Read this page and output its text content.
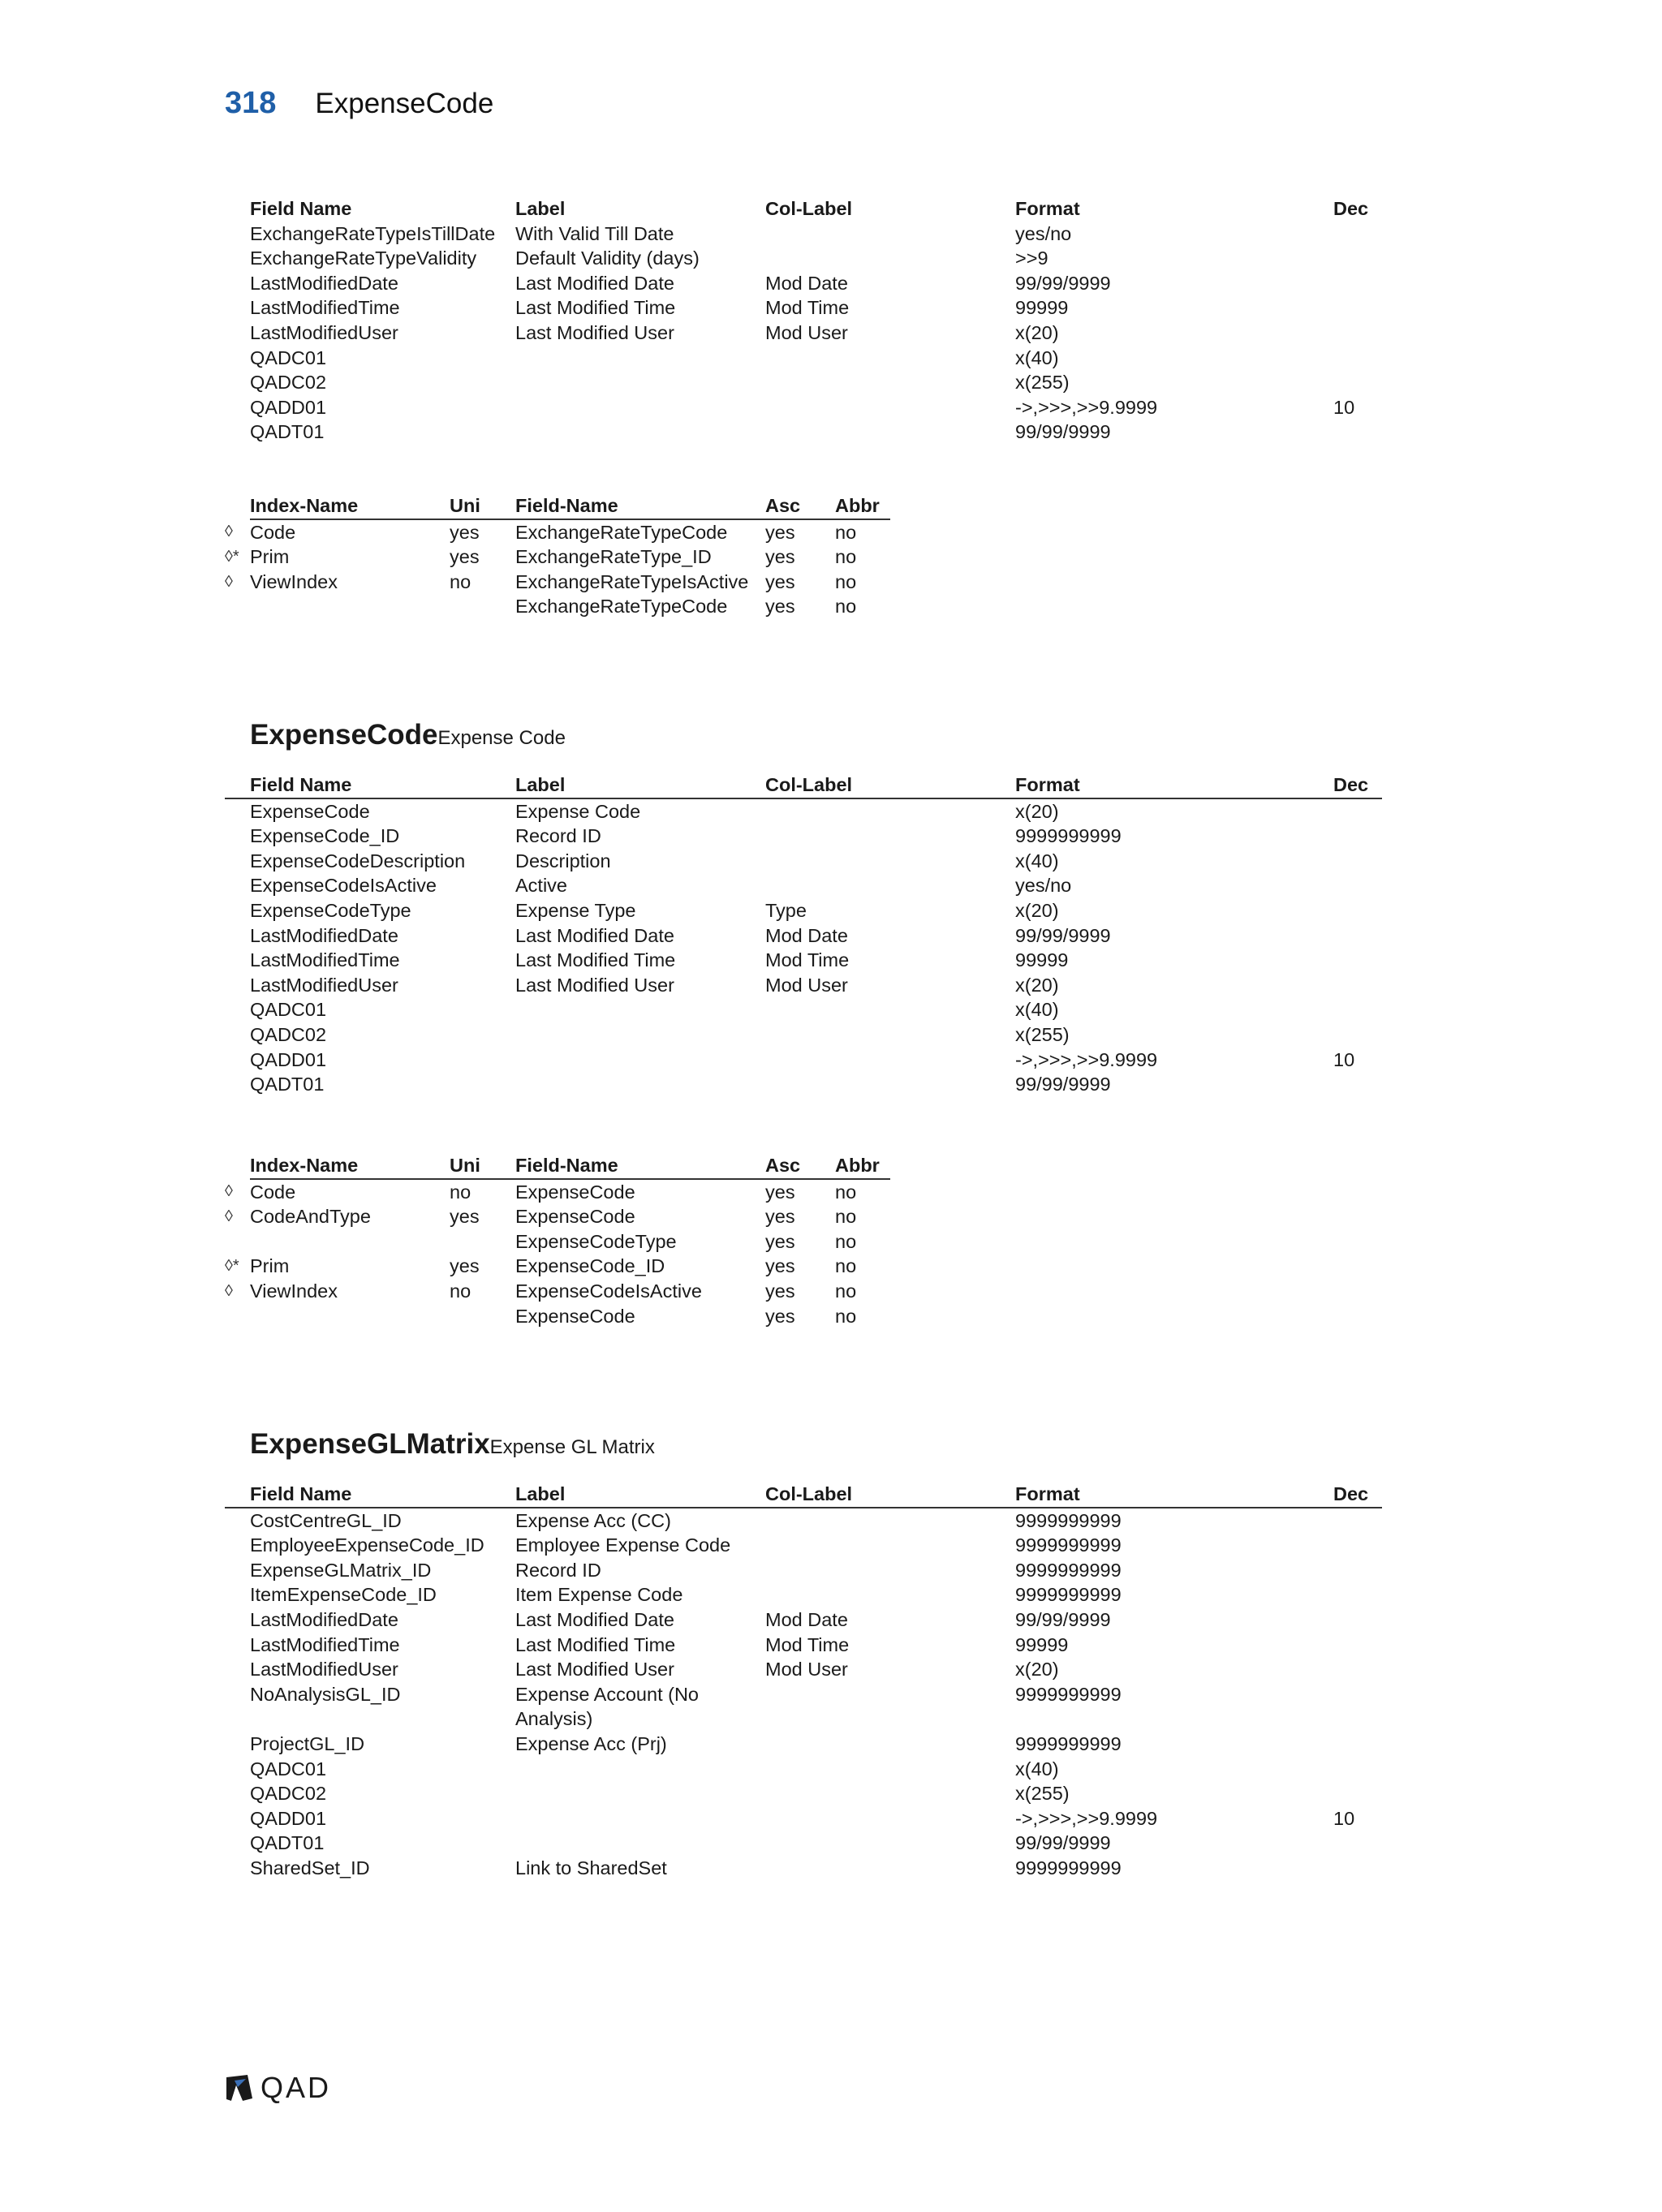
318 ExpenseCode
	Field Name	Label	Col-Label	Format	Dec
	ExchangeRateTypeIsTillDate	With Valid Till Date		yes/no	
	ExchangeRateTypeValidity	Default Validity (days)		>>9	
	LastModifiedDate	Last Modified Date	Mod Date	99/99/9999	
	LastModifiedTime	Last Modified Time	Mod Time	99999	
	LastModifiedUser	Last Modified User	Mod User	x(20)	
	QADC01			x(40)	
	QADC02			x(255)	
	QADD01			->,>>>,>>9.9999	10
	QADT01			99/99/9999	
	Index-Name	Uni	Field-Name	Asc	Abbr
◊	Code	yes	ExchangeRateTypeCode	yes	no
◊*	Prim	yes	ExchangeRateType_ID	yes	no
◊	ViewIndex	no	ExchangeRateTypeIsActive	yes	no
			ExchangeRateTypeCode	yes	no
ExpenseCode Expense Code
	Field Name	Label	Col-Label	Format	Dec
	ExpenseCode	Expense Code		x(20)	
	ExpenseCode_ID	Record ID		9999999999	
	ExpenseCodeDescription	Description		x(40)	
	ExpenseCodeIsActive	Active		yes/no	
	ExpenseCodeType	Expense Type	Type	x(20)	
	LastModifiedDate	Last Modified Date	Mod Date	99/99/9999	
	LastModifiedTime	Last Modified Time	Mod Time	99999	
	LastModifiedUser	Last Modified User	Mod User	x(20)	
	QADC01			x(40)	
	QADC02			x(255)	
	QADD01			->,>>>,>>9.9999	10
	QADT01			99/99/9999	
	Index-Name	Uni	Field-Name	Asc	Abbr
◊	Code	no	ExpenseCode	yes	no
◊	CodeAndType	yes	ExpenseCode	yes	no
			ExpenseCodeType	yes	no
◊*	Prim	yes	ExpenseCode_ID	yes	no
◊	ViewIndex	no	ExpenseCodeIsActive	yes	no
			ExpenseCode	yes	no
ExpenseGLMatrix Expense GL Matrix
	Field Name	Label	Col-Label	Format	Dec
	CostCentreGL_ID	Expense Acc (CC)		9999999999	
	EmployeeExpenseCode_ID	Employee Expense Code		9999999999	
	ExpenseGLMatrix_ID	Record ID		9999999999	
	ItemExpenseCode_ID	Item Expense Code		9999999999	
	LastModifiedDate	Last Modified Date	Mod Date	99/99/9999	
	LastModifiedTime	Last Modified Time	Mod Time	99999	
	LastModifiedUser	Last Modified User	Mod User	x(20)	
	NoAnalysisGL_ID	Expense Account (No Analysis)		9999999999	
	ProjectGL_ID	Expense Acc (Prj)		9999999999	
	QADC01			x(40)	
	QADC02			x(255)	
	QADD01			->,>>>,>>9.9999	10
	QADT01			99/99/9999	
	SharedSet_ID	Link to SharedSet		9999999999	
QAD
